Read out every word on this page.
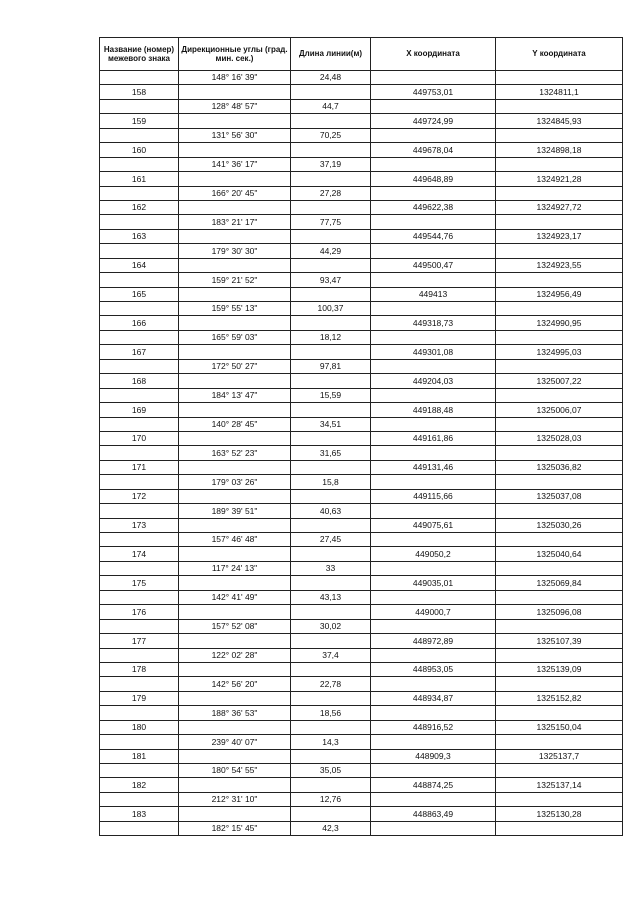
Название (номер) межевого знака	Дирекционные углы (град. мин. сек.)	Длина линии(м)	X координата	Y координата
	148° 16' 39"	24,48		
158			449753,01	1324811,1
	128° 48' 57"	44,7		
159			449724,99	1324845,93
	131° 56' 30"	70,25		
160			449678,04	1324898,18
	141° 36' 17"	37,19		
161			449648,89	1324921,28
	166° 20' 45"	27,28		
162			449622,38	1324927,72
	183° 21' 17"	77,75		
163			449544,76	1324923,17
	179° 30' 30"	44,29		
164			449500,47	1324923,55
	159° 21' 52"	93,47		
165			449413	1324956,49
	159° 55' 13"	100,37		
166			449318,73	1324990,95
	165° 59' 03"	18,12		
167			449301,08	1324995,03
	172° 50' 27"	97,81		
168			449204,03	1325007,22
	184° 13' 47"	15,59		
169			449188,48	1325006,07
	140° 28' 45"	34,51		
170			449161,86	1325028,03
	163° 52' 23"	31,65		
171			449131,46	1325036,82
	179° 03' 26"	15,8		
172			449115,66	1325037,08
	189° 39' 51"	40,63		
173			449075,61	1325030,26
	157° 46' 48"	27,45		
174			449050,2	1325040,64
	117° 24' 13"	33		
175			449035,01	1325069,84
	142° 41' 49"	43,13		
176			449000,7	1325096,08
	157° 52' 08"	30,02		
177			448972,89	1325107,39
	122° 02' 28"	37,4		
178			448953,05	1325139,09
	142° 56' 20"	22,78		
179			448934,87	1325152,82
	188° 36' 53"	18,56		
180			448916,52	1325150,04
	239° 40' 07"	14,3		
181			448909,3	1325137,7
	180° 54' 55"	35,05		
182			448874,25	1325137,14
	212° 31' 10"	12,76		
183			448863,49	1325130,28
	182° 15' 45"	42,3		
